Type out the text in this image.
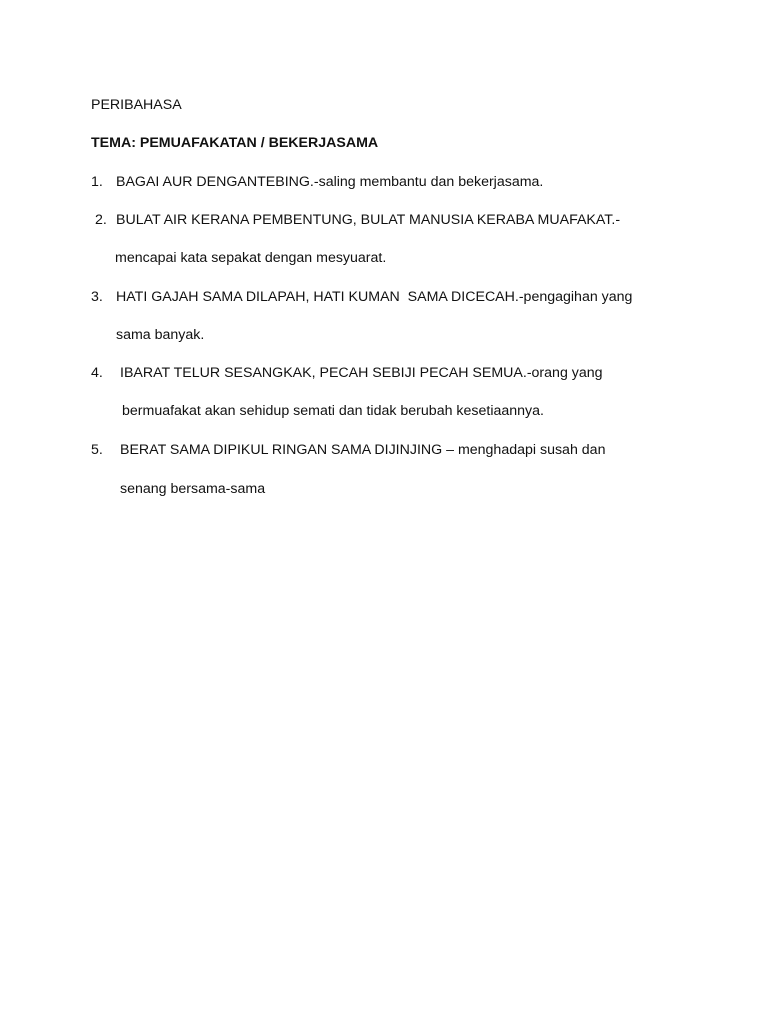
PERIBAHASA
TEMA: PEMUAFAKATAN / BEKERJASAMA
1. BAGAI AUR DENGANTEBING.-saling membantu dan bekerjasama.
2. BULAT AIR KERANA PEMBENTUNG, BULAT MANUSIA KERABA MUAFAKAT.-
mencapai kata sepakat dengan mesyuarat.
3. HATI GAJAH SAMA DILAPAH, HATI KUMAN  SAMA DICECAH.-pengagihan yang
sama banyak.
4. IBARAT TELUR SESANGKAK, PECAH SEBIJI PECAH SEMUA.-orang yang
bermuafakat akan sehidup semati dan tidak berubah kesetiaannya.
5. BERAT SAMA DIPIKUL RINGAN SAMA DIJINJING – menghadapi susah dan
senang bersama-sama
